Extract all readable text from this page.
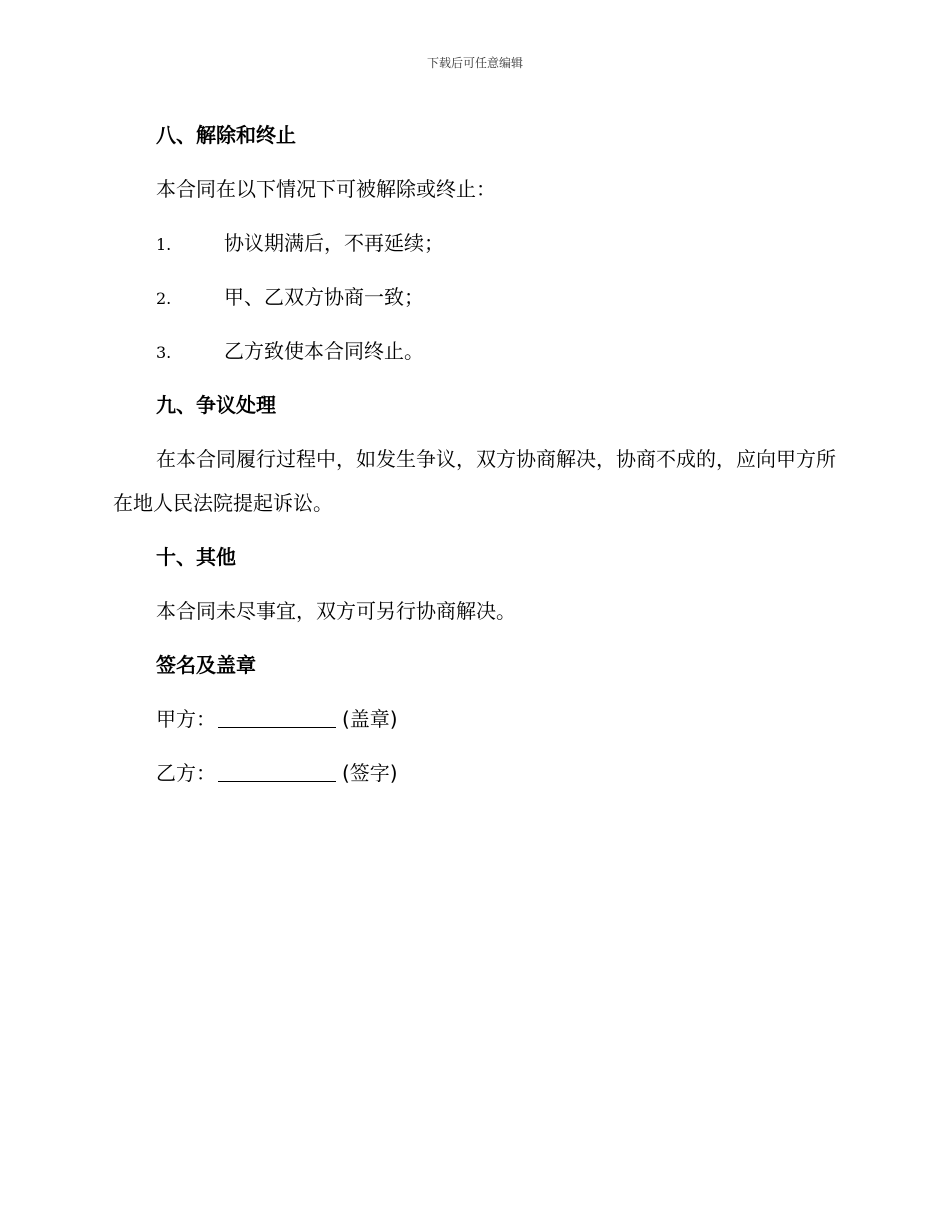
下载后可任意编辑
八、解除和终止
本合同在以下情况下可被解除或终止：
1.	协议期满后，不再延续；
2.	甲、乙双方协商一致；
3.	乙方致使本合同终止。
九、争议处理
在本合同履行过程中，如发生争议，双方协商解决，协商不成的，应向甲方所在地人民法院提起诉讼。
十、其他
本合同未尽事宜，双方可另行协商解决。
签名及盖章
甲方：	(盖章)
乙方：	(签字)
